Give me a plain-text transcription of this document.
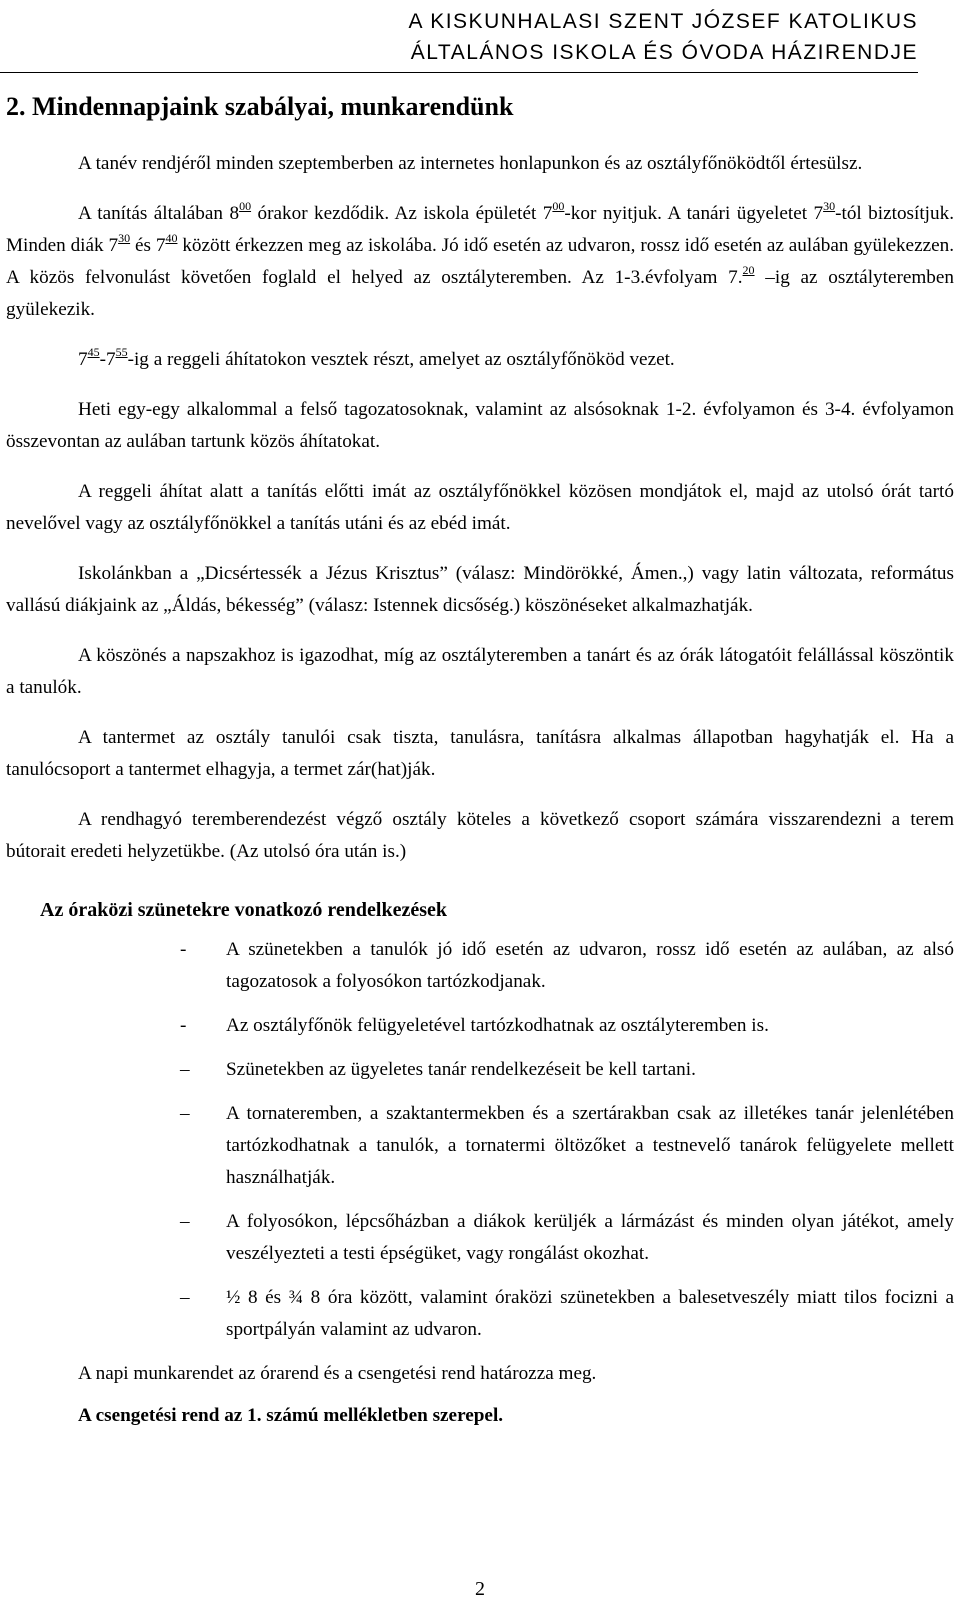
A KISKUNHALASI SZENT JÓZSEF KATOLIKUS
ÁLTALÁNOS ISKOLA ÉS ÓVODA HÁZIRENDJE
2. Mindennapjaink szabályai, munkarendünk

A tanév rendjéről minden szeptemberben az internetes honlapunkon és az osztályfőnöködtől értesülsz.

A tanítás általában $8^{00}$ órakor kezdődik. Az iskola épületét $7^{00}$-kor nyitjuk. A tanári ügyeletet $7^{30}$-tól biztosítjuk. Minden diák $7^{30}$ és $7^{40}$ között érkezzen meg az iskolába. Jó idő esetén az udvaron, rossz idő esetén az aulában gyülekezzen. A közös felvonulást követően foglald el helyed az osztályteremben. Az 1-3.évfolyam 7.20 –ig az osztályteremben gyülekezik.

$7^{45}-7^{55}-ig$ a reggeli áhítatokon vesztek részt, amelyet az osztályfőnököd vezet.

Heti egy-egy alkalommal a felső tagozatosoknak, valamint az alsósoknak 1-2. évfolyamon és 3-4. évfolyamon összevontan az aulában tartunk közös áhítatokat.

A reggeli áhítat alatt a tanítás előtti imát az osztályfőnökkel közösen mondjátok el, majd az utolsó órát tartó nevelővel vagy az osztályfőnökkel a tanítás utáni és az ebéd imát.

Iskolánkban a „Dicsértessék a Jézus Krisztus” (válasz: Mindörökké, Ámen.,) vagy latin változata, református vallású diákjaink az „Áldás, békesség” (válasz: Istennek dicsőség.) köszönéseket alkalmazhatják.

A köszönés a napszakhoz is igazodhat, míg az osztályteremben a tanárt és az órák látogatóit felállással köszöntik a tanulók.

A tantermet az osztály tanulói csak tiszta, tanulásra, tanításra alkalmas állapotban hagyhatják el. Ha a tanulócsoport a tantermet elhagyja, a termet zár(hat)ják.

A rendhagyó teremberendezést végző osztály köteles a következő csoport számára visszarendezni a terem bútorait eredeti helyzetükbe. (Az utolsó óra után is.)

Az óraközi szünetekre vonatkozó rendelkezések
- A szünetekben a tanulók jó idő esetén az udvaron, rossz idő esetén az aulában, az alsó tagozatosok a folyosókon tartózkodjanak.
- Az osztályfőnök felügyeletével tartózkodhatnak az osztályteremben is.
– Szünetekben az ügyeletes tanár rendelkezéseit be kell tartani.
– A tornateremben, a szaktantermekben és a szertárakban csak az illetékes tanár jelenlétében tartózkodhatnak a tanulók, a tornatermi öltözőket a testnevelő tanárok felügyelete mellett használhatják.
– A folyosókon, lépcsőházban a diákok kerüljék a lármázást és minden olyan játékot, amely veszélyezteti a testi épségüket, vagy rongálást okozhat.
– ½ 8 és ¾ 8 óra között, valamint óraközi szünetekben a balesetveszély miatt tilos focizni a sportpályán valamint az udvaron.

A napi munkarendet az órarend és a csengetési rend határozza meg.

A csengetési rend az 1. számú mellékletben szerepel.

2
